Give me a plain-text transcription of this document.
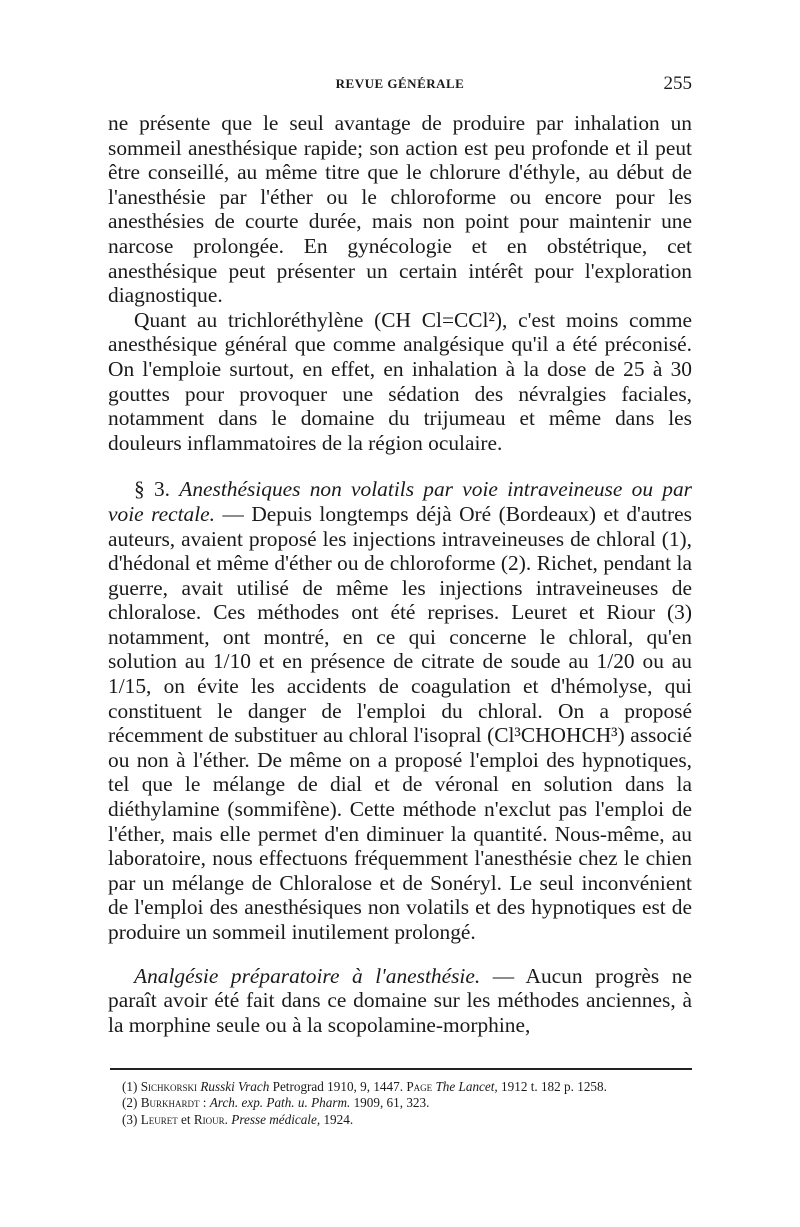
REVUE GÉNÉRALE	255

ne présente que le seul avantage de produire par inhalation un sommeil anesthésique rapide; son action est peu profonde et il peut être conseillé, au même titre que le chlorure d'éthyle, au début de l'anesthésie par l'éther ou le chloroforme ou encore pour les anesthésies de courte durée, mais non point pour maintenir une narcose prolongée. En gynécologie et en obstétrique, cet anesthésique peut présenter un certain intérêt pour l'exploration diagnostique.

Quant au trichloréthylène (CH Cl=CCl²), c'est moins comme anesthésique général que comme analgésique qu'il a été préconisé. On l'emploie surtout, en effet, en inhalation à la dose de 25 à 30 gouttes pour provoquer une sédation des névralgies faciales, notamment dans le domaine du trijumeau et même dans les douleurs inflammatoires de la région oculaire.

§ 3. Anesthésiques non volatils par voie intraveineuse ou par voie rectale. — Depuis longtemps déjà Oré (Bordeaux) et d'autres auteurs, avaient proposé les injections intraveineuses de chloral (1), d'hédonal et même d'éther ou de chloroforme (2). Richet, pendant la guerre, avait utilisé de même les injections intraveineuses de chloralose. Ces méthodes ont été reprises. Leuret et Riour (3) notamment, ont montré, en ce qui concerne le chloral, qu'en solution au 1/10 et en présence de citrate de soude au 1/20 ou au 1/15, on évite les accidents de coagulation et d'hémolyse, qui constituent le danger de l'emploi du chloral. On a proposé récemment de substituer au chloral l'isopral (Cl³CHOHCH³) associé ou non à l'éther. De même on a proposé l'emploi des hypnotiques, tel que le mélange de dial et de véronal en solution dans la diéthylamine (sommifène). Cette méthode n'exclut pas l'emploi de l'éther, mais elle permet d'en diminuer la quantité. Nous-même, au laboratoire, nous effectuons fréquemment l'anesthésie chez le chien par un mélange de Chloralose et de Sonéryl. Le seul inconvénient de l'emploi des anesthésiques non volatils et des hypnotiques est de produire un sommeil inutilement prolongé.

Analgésie préparatoire à l'anesthésie. — Aucun progrès ne paraît avoir été fait dans ce domaine sur les méthodes anciennes, à la morphine seule ou à la scopolamine-morphine,

(1) Sichkorski Russki Vrach Petrograd 1910, 9, 1447. Page The Lancet, 1912 t. 182 p. 1258.

(2) Burkhardt : Arch. exp. Path. u. Pharm. 1909, 61, 323.

(3) Leuret et Riour. Presse médicale, 1924.
